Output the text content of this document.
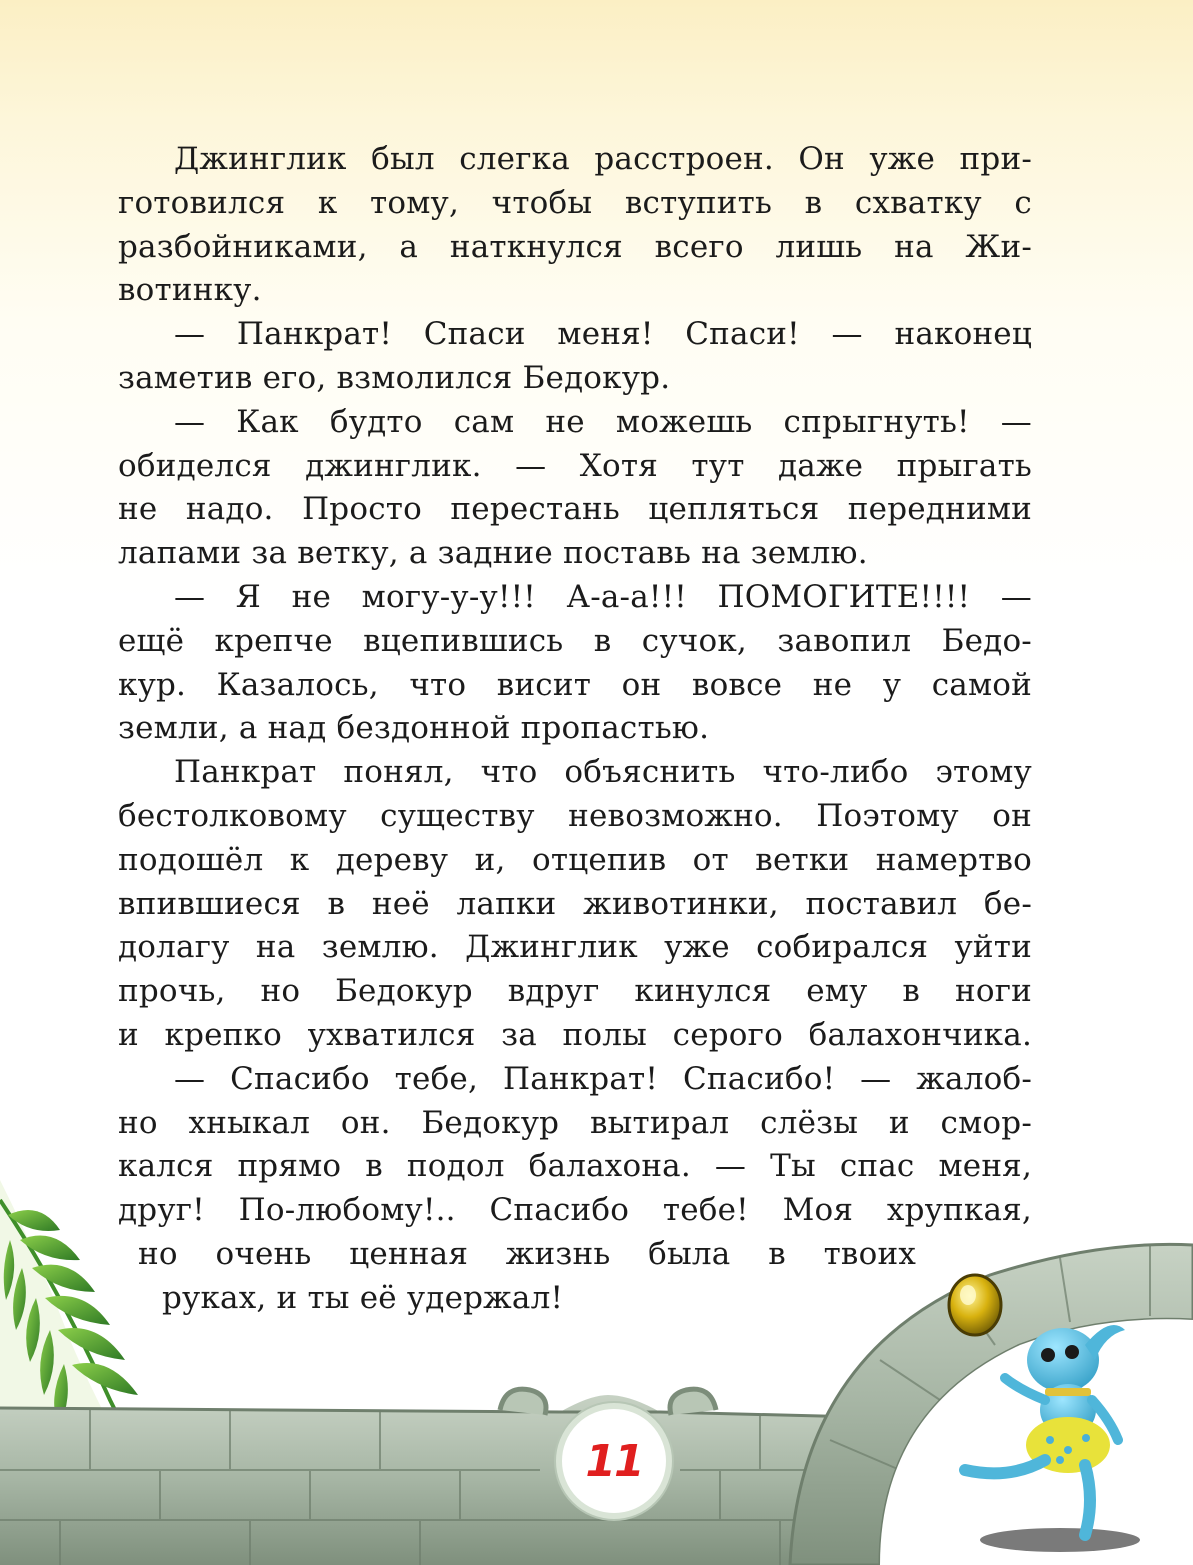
Джинглик был слегка расстроен. Он уже при-
готовился к тому, чтобы вступить в схватку с
разбойниками, а наткнулся всего лишь на Жи-
вотинку.
— Панкрат! Спаси меня! Спаси! — наконец
заметив его, взмолился Бедокур.
— Как будто сам не можешь спрыгнуть! —
обиделся джинглик. — Хотя тут даже прыгать
не надо. Просто перестань цепляться передними
лапами за ветку, а задние поставь на землю.
— Я не могу-у-у!!! А-а-а!!! ПОМОГИТЕ!!!! —
ещё крепче вцепившись в сучок, завопил Бедо-
кур. Казалось, что висит он вовсе не у самой
земли, а над бездонной пропастью.
Панкрат понял, что объяснить что-либо этому
бестолковому существу невозможно. Поэтому он
подошёл к дереву и, отцепив от ветки намертво
впившиеся в неё лапки животинки, поставил бе-
долагу на землю. Джинглик уже собирался уйти
прочь, но Бедокур вдруг кинулся ему в ноги
и крепко ухватился за полы серого балахончика.
— Спасибо тебе, Панкрат! Спасибо! — жалоб-
но хныкал он. Бедокур вытирал слёзы и смор-
кался прямо в подол балахона. — Ты спас меня,
друг! По-любому!.. Спасибо тебе! Моя хрупкая,
но очень ценная жизнь была в твоих
руках, и ты её удержал!
11
